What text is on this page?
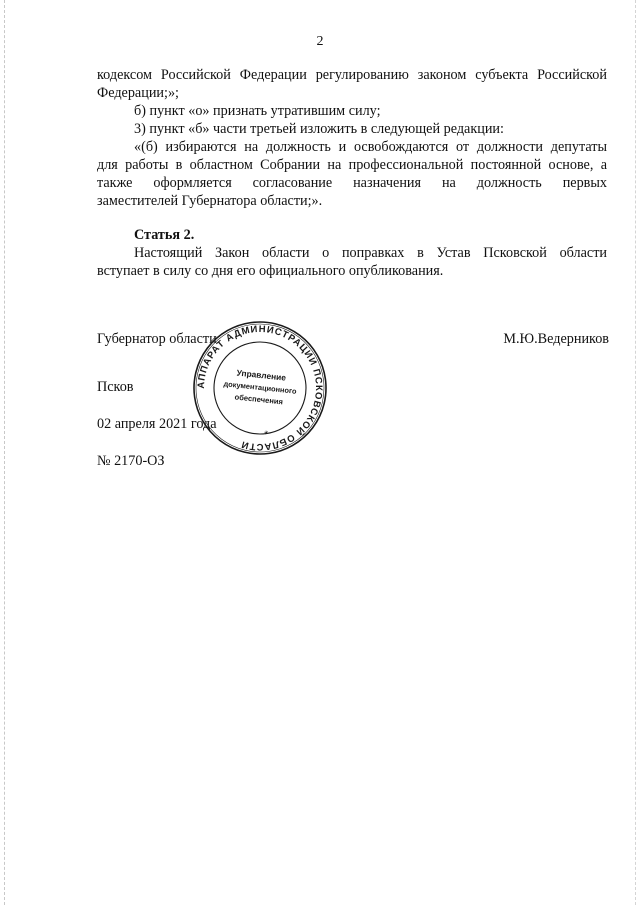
2
кодексом Российской Федерации регулированию законом субъекта Российской
Федерации;»;
б) пункт «о» признать утратившим силу;
3) пункт «б» части третьей изложить в следующей редакции:
«(б) избираются на должность и освобождаются от должности депутаты
для работы в областном Собрании на профессиональной постоянной основе, а
также оформляется согласование назначения на должность первых
заместителей Губернатора области;».
Статья 2.
Настоящий Закон области о поправках в Устав Псковской области
вступает в силу со дня его официального опубликования.
Губернатор области	М.Ю.Ведерников
Псков
02 апреля 2021 года
№ 2170-ОЗ
АППАРАТ АДМИНИСТРАЦИИ ПСКОВСКОЙ ОБЛАСТИ
*
Управление
документационного
обеспечения
